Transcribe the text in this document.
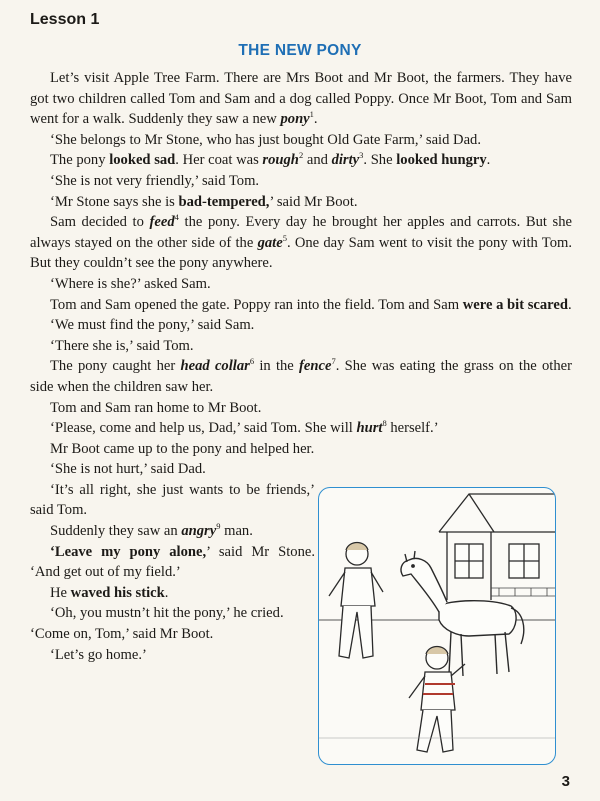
Lesson 1
THE NEW PONY

Let’s visit Apple Tree Farm. There are Mrs Boot and Mr Boot, the farmers. They have got two children called Tom and Sam and a dog called Poppy. Once Mr Boot, Tom and Sam went for a walk. Suddenly they saw a new pony$^1$.

‘She belongs to Mr Stone, who has just bought Old Gate Farm,’ said Dad.

The pony looked sad. Her coat was rough$^2$ and dirty$^3$. She looked hungry.

‘She is not very friendly,’ said Tom.

‘Mr Stone says she is bad-tempered,’ said Mr Boot.

Sam decided to feed$^4$ the pony. Every day he brought her apples and carrots. But she always stayed on the other side of the gate$^5$. One day Sam went to visit the pony with Tom. But they couldn’t see the pony anywhere.

‘Where is she?’ asked Sam.

Tom and Sam opened the gate. Poppy ran into the field. Tom and Sam were a bit scared.

‘We must find the pony,’ said Sam.

‘There she is,’ said Tom.

The pony caught her head collar$^6$ in the fence$^7$. She was eating the grass on the other side when the children saw her.

Tom and Sam ran home to Mr Boot.

‘Please, come and help us, Dad,’ said Tom. She will hurt$^8$ herself.’

Mr Boot came up to the pony and helped her.

‘She is not hurt,’ said Dad.

‘It’s all right, she just wants to be friends,’ said Tom.

Suddenly they saw an angry$^9$ man.

‘Leave my pony alone,’ said Mr Stone. ‘And get out of my field.’

He waved his stick.

‘Oh, you mustn’t hit the pony,’ he cried.

‘Come on, Tom,’ said Mr Boot.

‘Let’s go home.’

3
